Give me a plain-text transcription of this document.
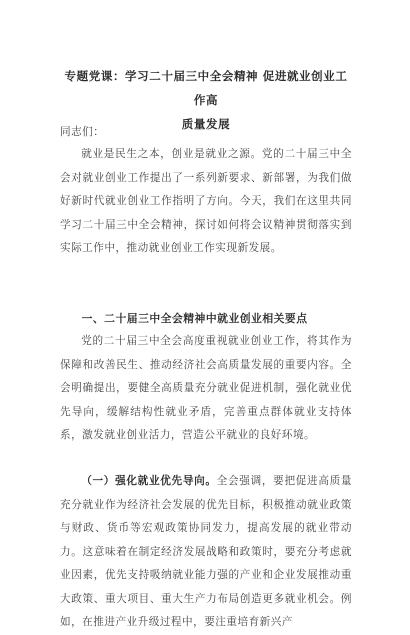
专题党课：学习二十届三中全会精神 促进就业创业工作高
质量发展
同志们：
就业是民生之本，创业是就业之源。党的二十届三中全会对就业创业工作提出了一系列新要求、新部署，为我们做好新时代就业创业工作指明了方向。今天，我们在这里共同学习二十届三中全会精神，探讨如何将会议精神贯彻落实到实际工作中，推动就业创业工作实现新发展。
一、二十届三中全会精神中就业创业相关要点
党的二十届三中全会高度重视就业创业工作，将其作为保障和改善民生、推动经济社会高质量发展的重要内容。全会明确提出，要健全高质量充分就业促进机制，强化就业优先导向，缓解结构性就业矛盾，完善重点群体就业支持体系，激发就业创业活力，营造公平就业的良好环境。
（一）强化就业优先导向。全会强调，要把促进高质量充分就业作为经济社会发展的优先目标，积极推动就业政策与财政、货币等宏观政策协同发力，提高发展的就业带动力。这意味着在制定经济发展战略和政策时，要充分考虑就业因素，优先支持吸纳就业能力强的产业和企业发展推动重大政策、重大项目、重大生产力布局创造更多就业机会。例如，在推进产业升级过程中，要注重培育新兴产
